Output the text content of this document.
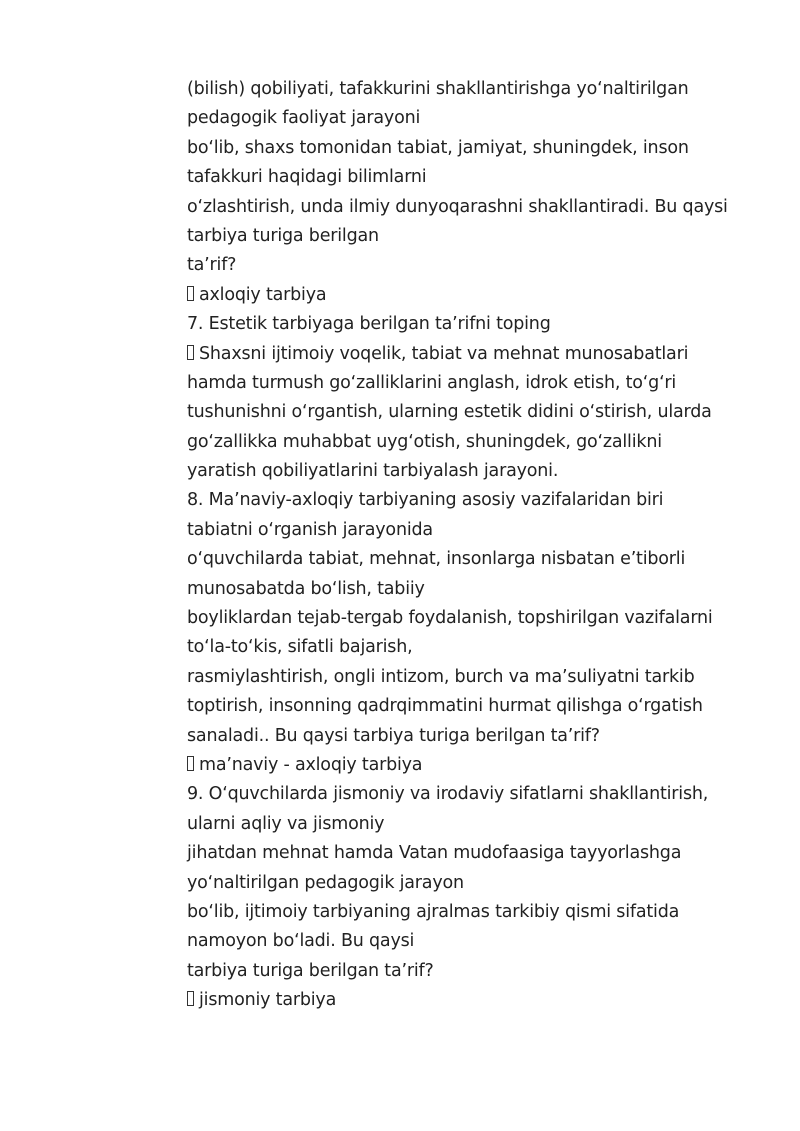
(bilish) qobiliyati, tafakkurini shakllantirishga yo‘naltirilgan
pedagogik faoliyat jarayoni
bo‘lib, shaxs tomonidan tabiat, jamiyat, shuningdek, inson
tafakkuri haqidagi bilimlarni
o‘zlashtirish, unda ilmiy dunyoqarashni shakllantiradi. Bu qaysi
tarbiya turiga berilgan
ta’rif?
axloqiy tarbiya
7. Estetik tarbiyaga berilgan ta’rifni toping
Shaxsni ijtimoiy voqelik, tabiat va mehnat munosabatlari
hamda turmush go‘zalliklarini anglash, idrok etish, to‘g‘ri
tushunishni o‘rgantish, ularning estetik didini o‘stirish, ularda
go‘zallikka muhabbat uyg‘otish, shuningdek, go‘zallikni
yaratish qobiliyatlarini tarbiyalash jarayoni.
8. Ma’naviy-axloqiy tarbiyaning asosiy vazifalaridan biri
tabiatni o‘rganish jarayonida
o‘quvchilarda tabiat, mehnat, insonlarga nisbatan e’tiborli
munosabatda bo‘lish, tabiiy
boyliklardan tejab-tergab foydalanish, topshirilgan vazifalarni
to‘la-to‘kis, sifatli bajarish,
rasmiylashtirish, ongli intizom, burch va ma’suliyatni tarkib
toptirish, insonning qadrqimmatini hurmat qilishga o‘rgatish
sanaladi.. Bu qaysi tarbiya turiga berilgan ta’rif?
ma’naviy - axloqiy tarbiya
9. O‘quvchilarda jismoniy va irodaviy sifatlarni shakllantirish,
ularni aqliy va jismoniy
jihatdan mehnat hamda Vatan mudofaasiga tayyorlashga
yo‘naltirilgan pedagogik jarayon
bo‘lib, ijtimoiy tarbiyaning ajralmas tarkibiy qismi sifatida
namoyon bo‘ladi. Bu qaysi
tarbiya turiga berilgan ta’rif?
jismoniy tarbiya
